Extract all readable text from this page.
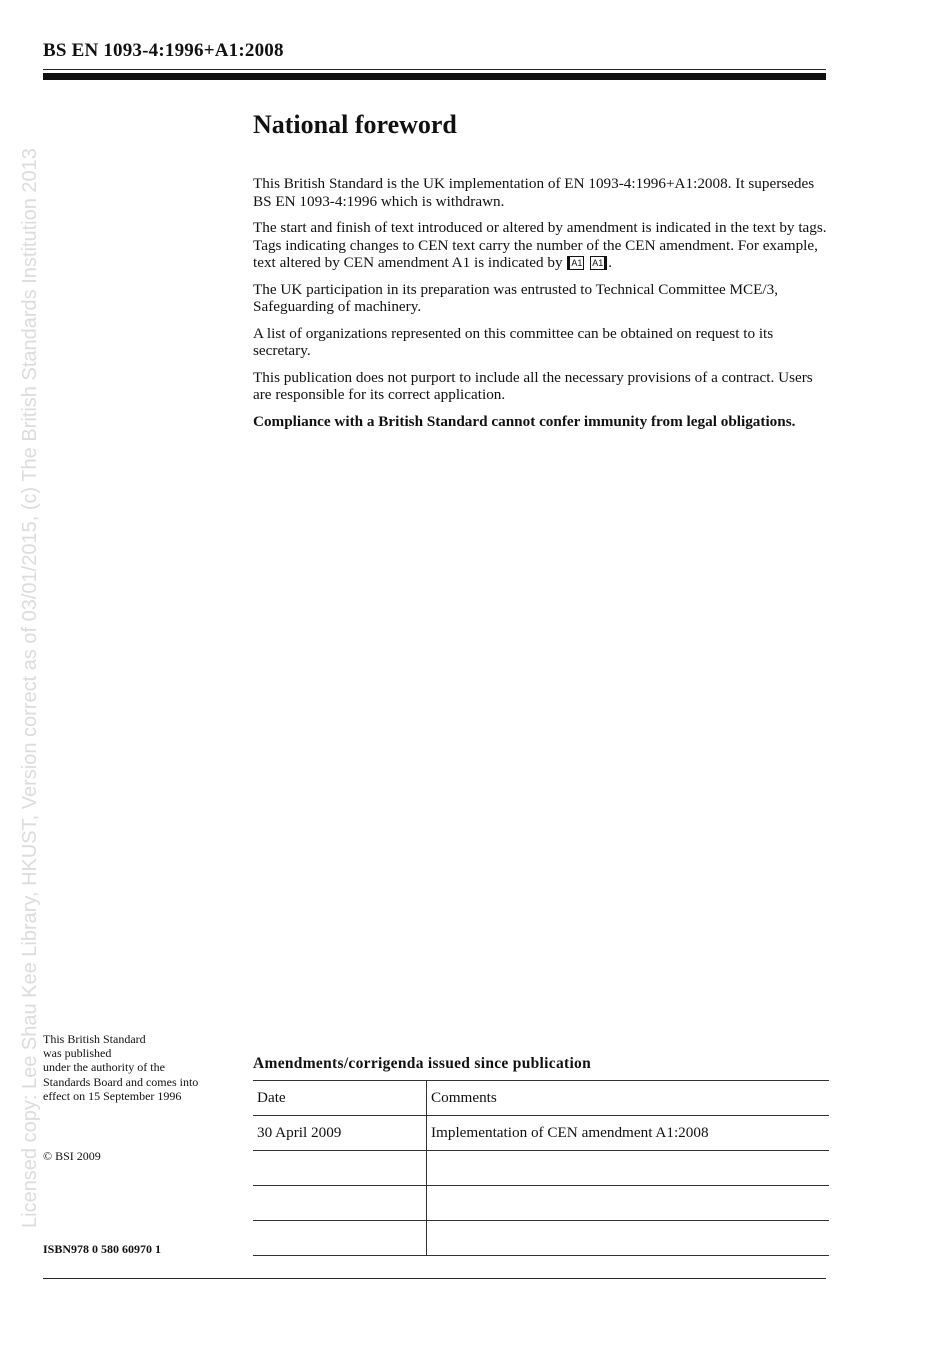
BS EN 1093-4:1996+A1:2008
Licensed copy: Lee Shau Kee Library, HKUST, Version correct as of 03/01/2015, (c) The British Standards Institution 2013
National foreword

This British Standard is the UK implementation of EN 1093-4:1996+A1:2008. It supersedes BS EN 1093-4:1996 which is withdrawn.

The start and finish of text introduced or altered by amendment is indicated in the text by tags. Tags indicating changes to CEN text carry the number of the CEN amendment. For example, text altered by CEN amendment A1 is indicated by A1 A1 .

The UK participation in its preparation was entrusted to Technical Committee MCE/3, Safeguarding of machinery.

A list of organizations represented on this committee can be obtained on request to its secretary.

This publication does not purport to include all the necessary provisions of a contract. Users are responsible for its correct application.

Compliance with a British Standard cannot confer immunity from legal obligations.

This British Standard
was published
under the authority of the
Standards Board and comes into
effect on 15 September 1996
© BSI 2009
ISBN978 0 580 60970 1
Amendments/corrigenda issued since publication
Date	Comments
30 April 2009	Implementation of CEN amendment A1:2008
